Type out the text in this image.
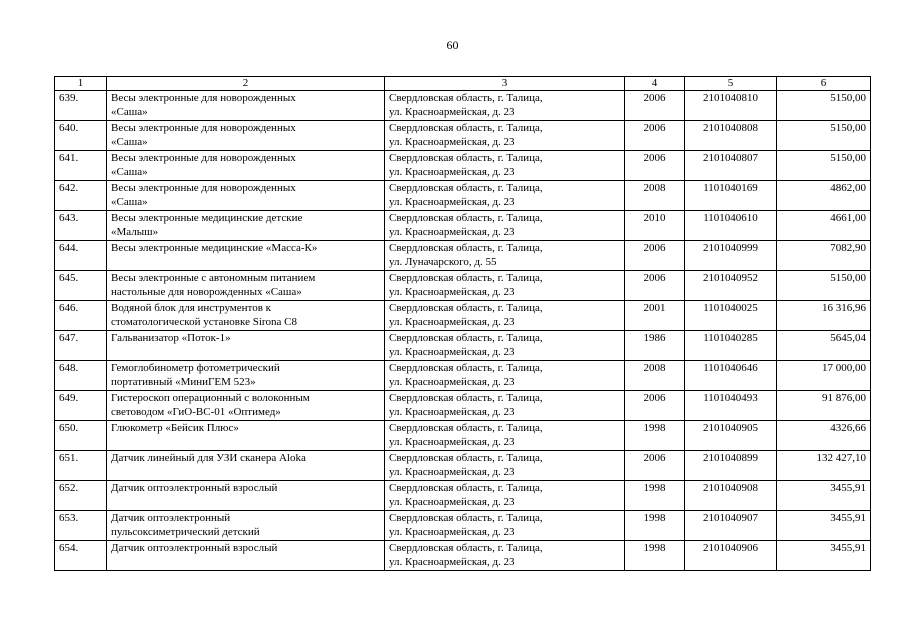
60
1	2	3	4	5	6

639.	Весы электронные для новорожденных
«Саша»	Свердловская область, г. Талица,
ул. Красноармейская, д. 23	2006	2101040810	5150,00

640.	Весы электронные для новорожденных
«Саша»	Свердловская область, г. Талица,
ул. Красноармейская, д. 23	2006	2101040808	5150,00

641.	Весы электронные для новорожденных
«Саша»	Свердловская область, г. Талица,
ул. Красноармейская, д. 23	2006	2101040807	5150,00

642.	Весы электронные для новорожденных
«Саша»	Свердловская область, г. Талица,
ул. Красноармейская, д. 23	2008	1101040169	4862,00

643.	Весы электронные медицинские детские
«Малыш»	Свердловская область, г. Талица,
ул. Красноармейская, д. 23	2010	1101040610	4661,00

644.	Весы электронные медицинские «Масса-К»	Свердловская область, г. Талица,
ул. Луначарского, д. 55	2006	2101040999	7082,90

645.	Весы электронные с автономным питанием
настольные для новорожденных «Саша»	Свердловская область, г. Талица,
ул. Красноармейская, д. 23	2006	2101040952	5150,00

646.	Водяной блок для инструментов к
стоматологической установке Sirona C8	Свердловская область, г. Талица,
ул. Красноармейская, д. 23	2001	1101040025	16 316,96

647.	Гальванизатор «Поток-1»	Свердловская область, г. Талица,
ул. Красноармейская, д. 23	1986	1101040285	5645,04

648.	Гемоглобинометр фотометрический
портативный «МиниГЕМ 523»	Свердловская область, г. Талица,
ул. Красноармейская, д. 23	2008	1101040646	17 000,00

649.	Гистероскоп операционный с волоконным
световодом «ГиО-ВС-01 «Оптимед»	Свердловская область, г. Талица,
ул. Красноармейская, д. 23	2006	1101040493	91 876,00

650.	Глюкометр «Бейсик Плюс»	Свердловская область, г. Талица,
ул. Красноармейская, д. 23	1998	2101040905	4326,66

651.	Датчик линейный для УЗИ сканера Aloka	Свердловская область, г. Талица,
ул. Красноармейская, д. 23	2006	2101040899	132 427,10

652.	Датчик оптоэлектронный взрослый	Свердловская область, г. Талица,
ул. Красноармейская, д. 23	1998	2101040908	3455,91

653.	Датчик оптоэлектронный
пульсоксиметрический детский	Свердловская область, г. Талица,
ул. Красноармейская, д. 23	1998	2101040907	3455,91

654.	Датчик оптоэлектронный взрослый	Свердловская область, г. Талица,
ул. Красноармейская, д. 23	1998	2101040906	3455,91
